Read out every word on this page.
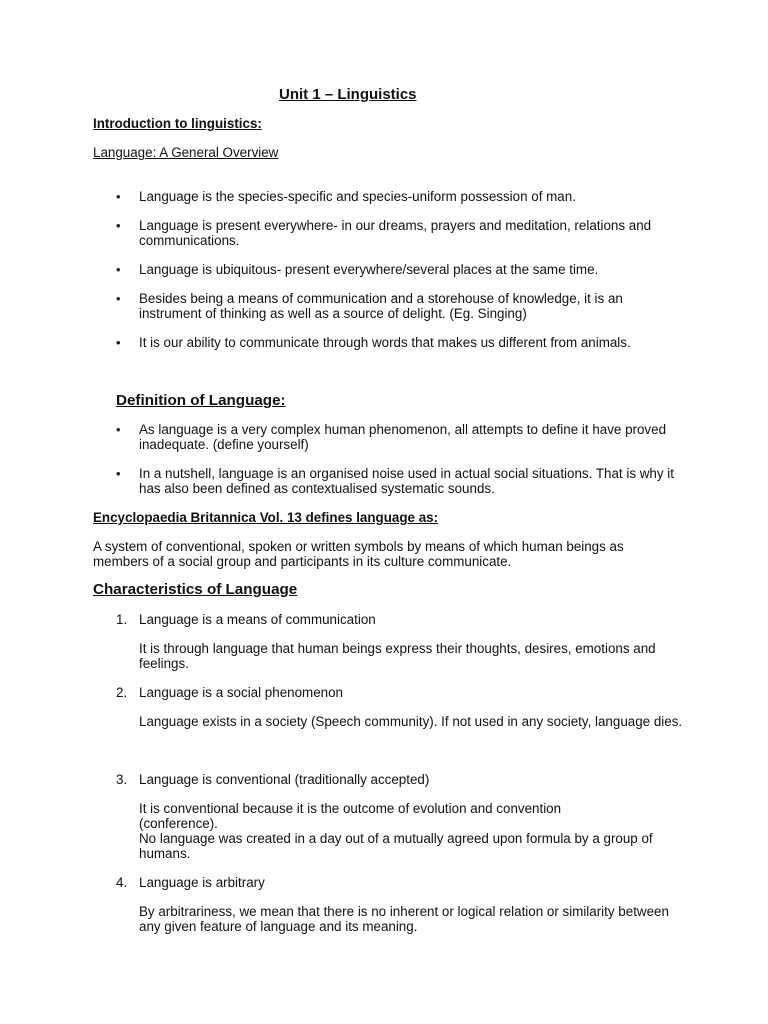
Unit 1 – Linguistics
Introduction to linguistics:
Language: A General Overview
• Language is the species-specific and species-uniform possession of man.
• Language is present everywhere- in our dreams, prayers and meditation, relations and communications.
• Language is ubiquitous- present everywhere/several places at the same time.
• Besides being a means of communication and a storehouse of knowledge, it is an instrument of thinking as well as a source of delight. (Eg. Singing)
• It is our ability to communicate through words that makes us different from animals.
Definition of Language:
• As language is a very complex human phenomenon, all attempts to define it have proved inadequate. (define yourself)
• In a nutshell, language is an organised noise used in actual social situations. That is why it has also been defined as contextualised systematic sounds.
Encyclopaedia Britannica Vol. 13 defines language as:
A system of conventional, spoken or written symbols by means of which human beings as members of a social group and participants in its culture communicate.
Characteristics of Language
1. Language is a means of communication
It is through language that human beings express their thoughts, desires, emotions and feelings.
2. Language is a social phenomenon
Language exists in a society (Speech community). If not used in any society, language dies.
3. Language is conventional (traditionally accepted)
It is conventional because it is the outcome of evolution and convention (conference).
No language was created in a day out of a mutually agreed upon formula by a group of humans.
4. Language is arbitrary
By arbitrariness, we mean that there is no inherent or logical relation or similarity between any given feature of language and its meaning.
